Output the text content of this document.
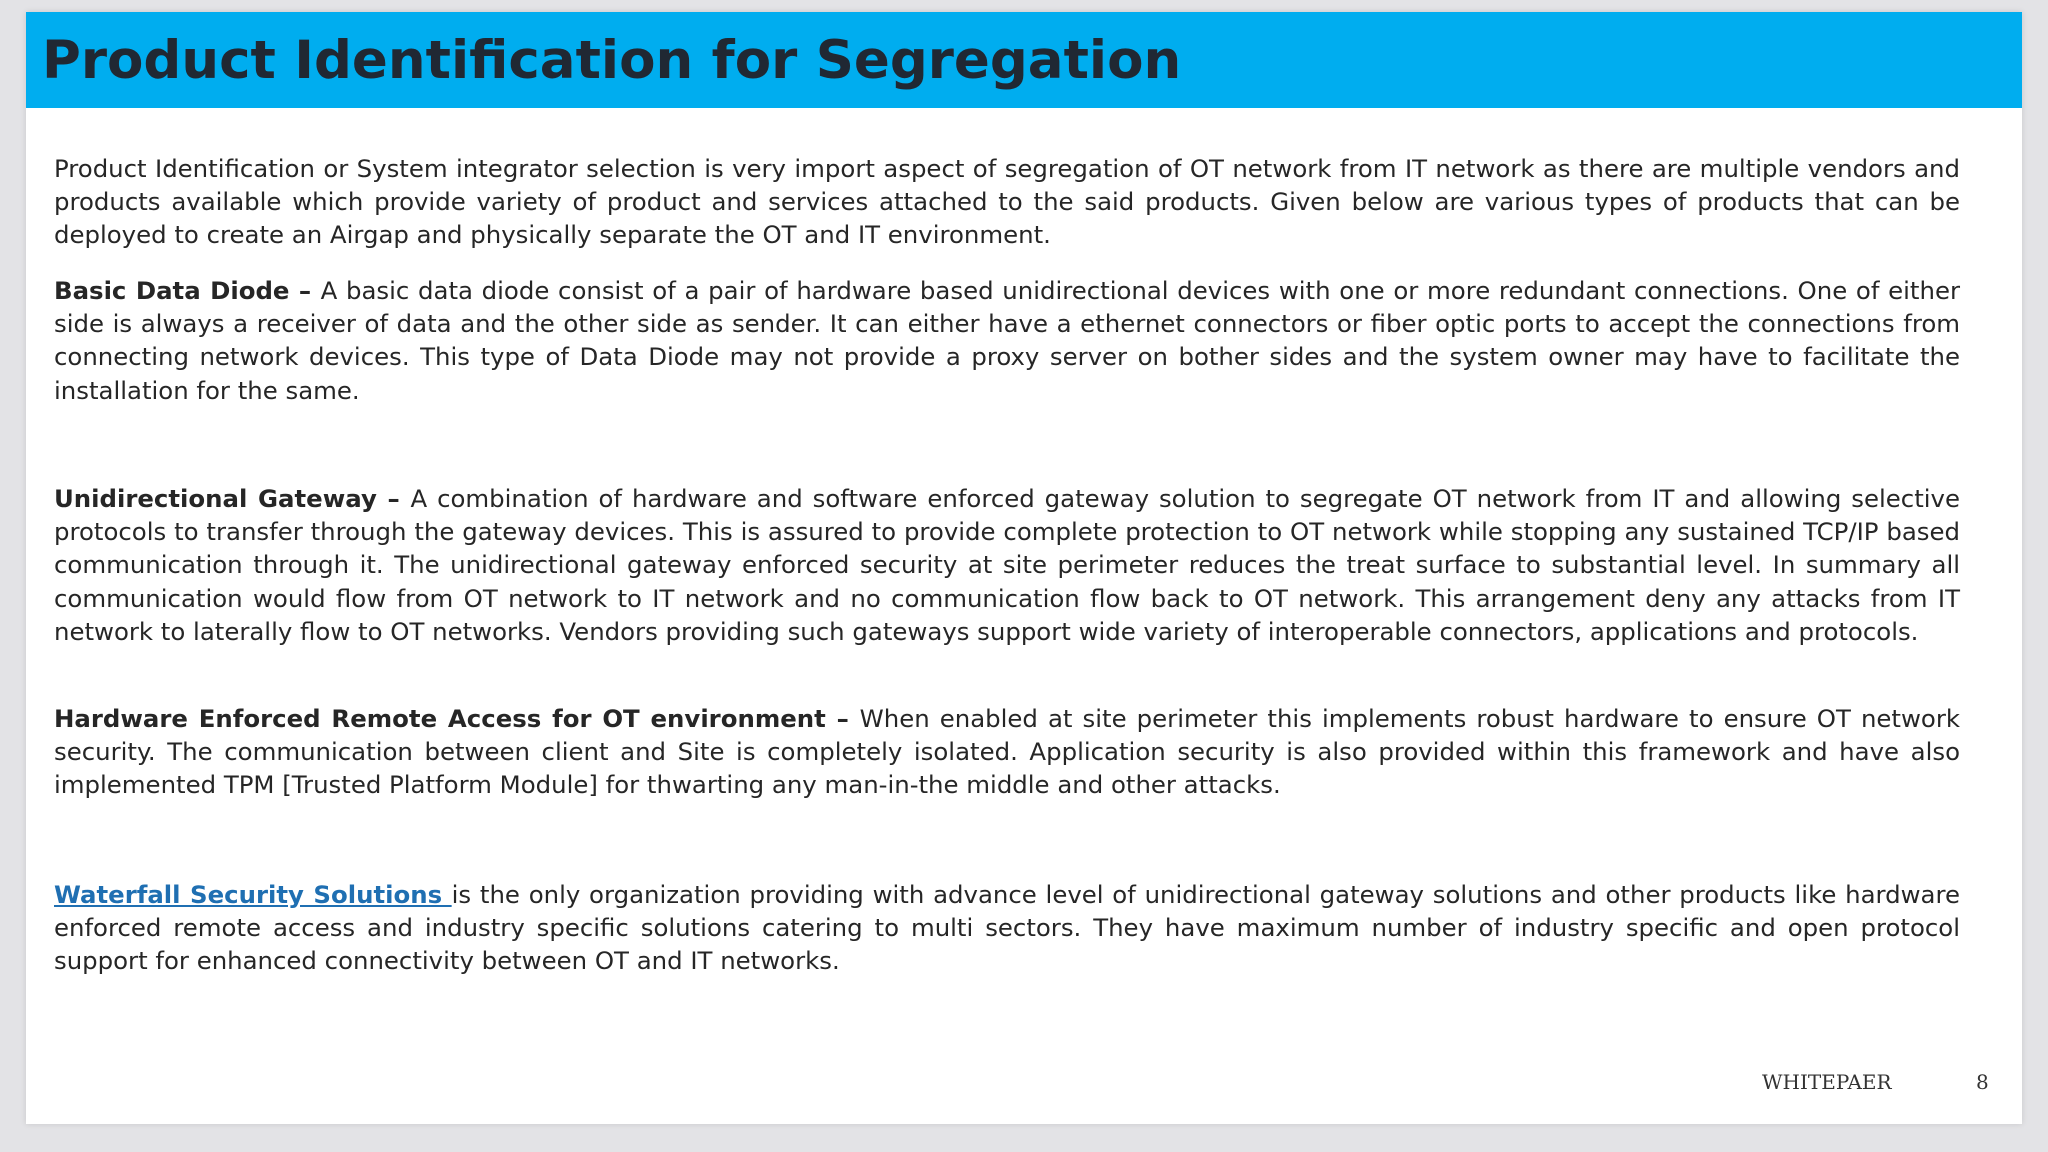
Product Identification for Segregation

Product Identification or System integrator selection is very import aspect of segregation of OT network from IT network as there are multiple vendors and products available which provide variety of product and services attached to the said products. Given below are various types of products that can be deployed to create an Airgap and physically separate the OT and IT environment.

Basic Data Diode – A basic data diode consist of a pair of hardware based unidirectional devices with one or more redundant connections. One of either side is always a receiver of data and the other side as sender. It can either have a ethernet connectors or fiber optic ports to accept the connections from connecting network devices. This type of Data Diode may not provide a proxy server on bother sides and the system owner may have to facilitate the installation for the same.

Unidirectional Gateway – A combination of hardware and software enforced gateway solution to segregate OT network from IT and allowing selective protocols to transfer through the gateway devices. This is assured to provide complete protection to OT network while stopping any sustained TCP/IP based communication through it. The unidirectional gateway enforced security at site perimeter reduces the treat surface to substantial level. In summary all communication would flow from OT network to IT network and no communication flow back to OT network. This arrangement deny any attacks from IT network to laterally flow to OT networks. Vendors providing such gateways support wide variety of interoperable connectors, applications and protocols.

Hardware Enforced Remote Access for OT environment – When enabled at site perimeter this implements robust hardware to ensure OT network security. The communication between client and Site is completely isolated. Application security is also provided within this framework and have also implemented TPM [Trusted Platform Module] for thwarting any man-in-the middle and other attacks.

Waterfall Security Solutions is the only organization providing with advance level of unidirectional gateway solutions and other products like hardware enforced remote access and industry specific solutions catering to multi sectors. They have maximum number of industry specific and open protocol support for enhanced connectivity between OT and IT networks.

WHITEPAER	8
